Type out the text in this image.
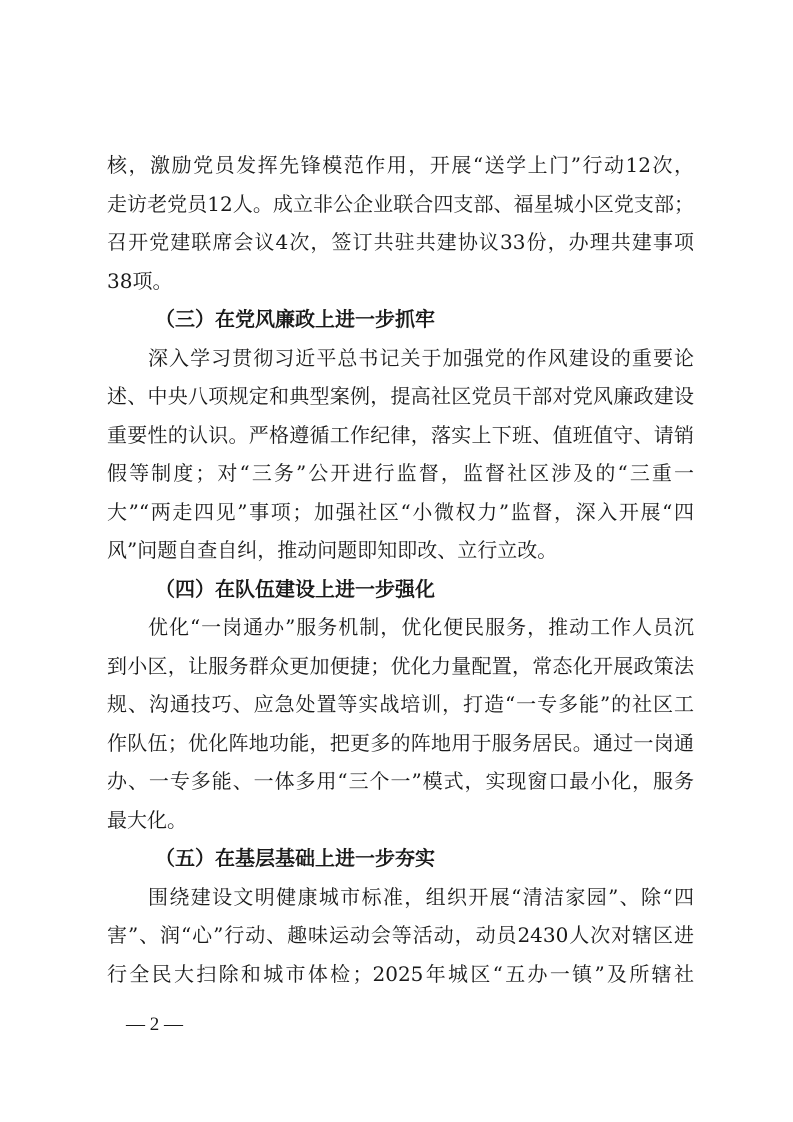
核，激励党员发挥先锋模范作用，开展“送学上门”行动12次，
走访老党员12人。成立非公企业联合四支部、福星城小区党支部；
召开党建联席会议4次，签订共驻共建协议33份，办理共建事项
38项。
（三）在党风廉政上进一步抓牢
深入学习贯彻习近平总书记关于加强党的作风建设的重要论
述、中央八项规定和典型案例，提高社区党员干部对党风廉政建设
重要性的认识。严格遵循工作纪律，落实上下班、值班值守、请销
假等制度；对“三务”公开进行监督，监督社区涉及的“三重一
大”“两走四见”事项；加强社区“小微权力”监督，深入开展“四
风”问题自查自纠，推动问题即知即改、立行立改。
（四）在队伍建设上进一步强化
优化“一岗通办”服务机制，优化便民服务，推动工作人员沉
到小区，让服务群众更加便捷；优化力量配置，常态化开展政策法
规、沟通技巧、应急处置等实战培训，打造“一专多能”的社区工
作队伍；优化阵地功能，把更多的阵地用于服务居民。通过一岗通
办、一专多能、一体多用“三个一”模式，实现窗口最小化，服务
最大化。
（五）在基层基础上进一步夯实
围绕建设文明健康城市标准，组织开展“清洁家园”、除“四
害”、润“心”行动、趣味运动会等活动，动员2430人次对辖区进
行全民大扫除和城市体检；2025年城区“五办一镇”及所辖社
— 2 —
